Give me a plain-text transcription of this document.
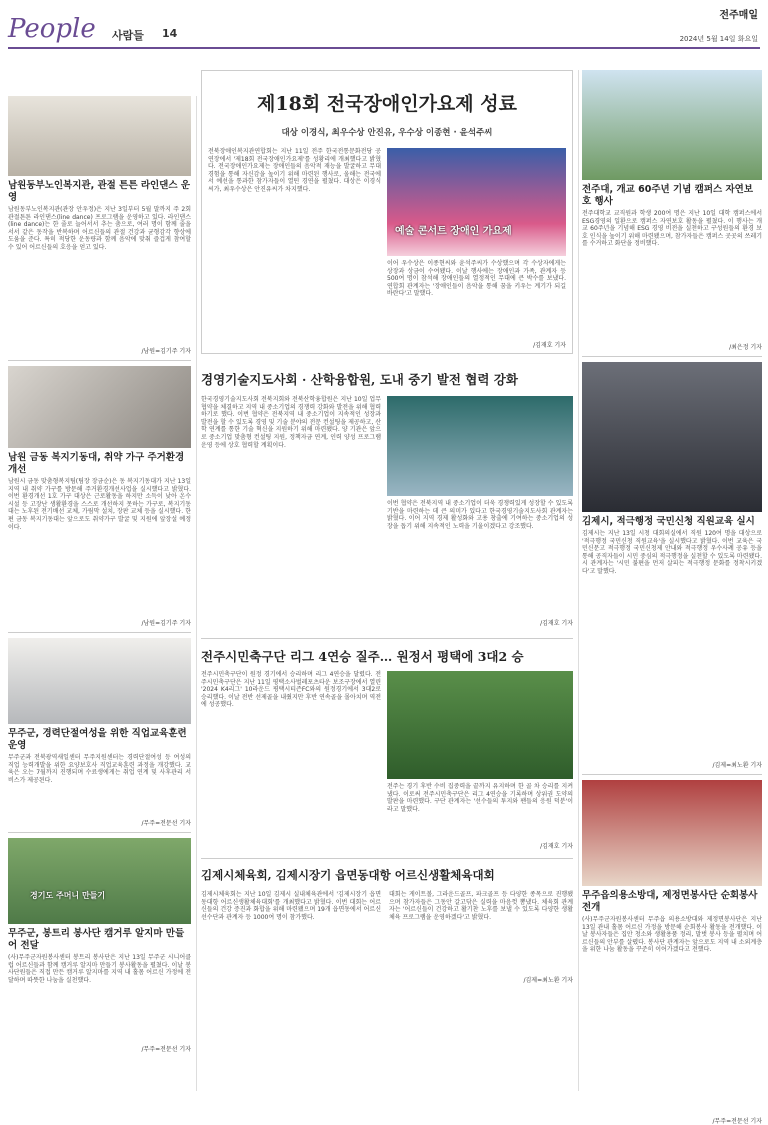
People 사람들 14
전주매일
2024년 5월 14일 화요일
남원동부노인복지관, 관절 튼튼 라인댄스 운영
남원동부노인복지관(관장 안우정)은 지난 3일부터 5월 말까지 주 2회 관절튼튼 라인댄스(line dance) 프로그램을 운영하고 있다. 라인댄스(line dance)는 한 줄로 늘어서서 추는 춤으로, 여러 명이 함께 줄을 서서 같은 동작을 반복하며 어르신들의 관절 건강과 균형감각 향상에 도움을 준다. 특히 적당한 운동량과 함께 음악에 맞춰 즐겁게 참여할 수 있어 어르신들의 호응을 얻고 있다.
/남원=김기주 기자
남원 금동 복지기동대, 취약 가구 주거환경개선
남원시 금동 맞춤형복지팀(팀장 장금순)은 동 복지기동대가 지난 13일 지역 내 취약 가구를 방문해 주거환경개선사업을 실시했다고 밝혔다. 이번 환경개선 1호 가구 대상은 근로활동을 하지만 소득이 낮아 온수시설 등 고장난 생활환경을 스스로 개선하지 못하는 가구로, 복지기동대는 노후된 전기배선 교체, 가림막 설치, 장판 교체 등을 실시했다. 한편 금동 복지기동대는 앞으로도 취약가구 발굴 및 지원에 앞장설 예정이다.
/남원=김기주 기자
무주군, 경력단절여성을 위한 직업교육훈련 운영
무주군과 전북광역새일센터 무주지원센터는 경력단절여성 등 여성의 직업 능력개발을 위한 요양보호사 직업교육훈련 과정을 개강했다. 교육은 오는 7월까지 진행되며 수료생에게는 취업 연계 및 사후관리 서비스가 제공된다.
/무주=전문선 기자
경기도 주머니 만들기
무주군, 봉트리 봉사단 캠거루 알지마 만들어 전달
(사)무주군자원봉사센터 봉트리 봉사단은 지난 13일 무주군 시니어클럽 어르신들과 함께 캠거루 알지마 만들기 봉사활동을 펼쳤다. 이날 봉사단원들은 직접 만든 캠거루 알지마를 지역 내 홀몸 어르신 가정에 전달하며 따뜻한 나눔을 실천했다.
/무주=전문선 기자
제18회 전국장애인가요제 성료
대상 이경식, 최우수상 안진유, 우수상 이종현 · 윤석주씨
전북장애인복지관연합회는 지난 11일 전주 한국전통문화전당 공연장에서 '제18회 전국장애인가요제'를 성황리에 개최했다고 밝혔다. 전국장애인가요제는 장애인들의 음악적 재능을 발굴하고 무대 경험을 통해 자신감을 높이기 위해 마련된 행사로, 올해는 전국에서 예선을 통과한 참가자들이 열띤 경연을 펼쳤다. 대상은 이경식씨가, 최우수상은 안진유씨가 차지했다.
예술 콘서트 장애인 가요제
이어 우수상은 이종현씨와 윤석주씨가 수상했으며 각 수상자에게는 상장과 상금이 수여됐다. 이날 행사에는 장애인과 가족, 관계자 등 500여 명이 참석해 장애인들의 열정적인 무대에 큰 박수를 보냈다. 연합회 관계자는 '장애인들이 음악을 통해 꿈을 키우는 계기가 되길 바란다'고 말했다.
/김재호 기자
경영기술지도사회 · 산학융합원, 도내 중기 발전 협력 강화
한국경영기술지도사회 전북지회와 전북산학융합원은 지난 10일 업무협약을 체결하고 지역 내 중소기업의 경쟁력 강화와 발전을 위해 협력하기로 했다. 이번 협약은 전북지역 내 중소기업이 지속적인 성장과 발전을 할 수 있도록 경영 및 기술 분야의 전문 컨설팅을 제공하고, 산학 연계를 통한 기술 혁신을 지원하기 위해 마련됐다. 양 기관은 앞으로 중소기업 맞춤형 컨설팅 지원, 정책자금 연계, 인력 양성 프로그램 운영 등에 상호 협력할 계획이다.
이번 협약은 전북지역 내 중소기업이 더욱 경쟁력있게 성장할 수 있도록 기반을 마련하는 데 큰 의미가 있다고 한국경영기술지도사회 관계자는 밝혔다. 이어 지역 경제 활성화와 고용 창출에 기여하는 중소기업의 성장을 돕기 위해 지속적인 노력을 기울이겠다고 강조했다.
/김재호 기자
전주시민축구단 리그 4연승 질주… 원정서 평택에 3대2 승
전주시민축구단이 원정 경기에서 승리하며 리그 4연승을 달렸다. 전주시민축구단은 지난 11일 평택소사벌레포츠타운 보조구장에서 열린 '2024 K4리그' 10라운드 평택시티즌FC와의 원정경기에서 3대2로 승리했다. 이날 전반 선제골을 내줬지만 후반 연속골을 몰아치며 역전에 성공했다.
전주는 경기 후반 수비 집중력을 끝까지 유지하며 한 골 차 승리를 지켜냈다. 이로써 전주시민축구단은 리그 4연승을 기록하며 상위권 도약의 발판을 마련했다. 구단 관계자는 '선수들의 투지와 팬들의 응원 덕분'이라고 말했다.
/김재호 기자
김제시체육회, 김제시장기 읍면동대항 어르신생활체육대회
김제시체육회는 지난 10일 김제시 실내체육관에서 '김제시장기 읍면동대항 어르신생활체육대회'를 개최했다고 밝혔다. 이번 대회는 어르신들의 건강 증진과 화합을 위해 마련됐으며 19개 읍면동에서 어르신 선수단과 관계자 등 1000여 명이 참가했다.
대회는 게이트볼, 그라운드골프, 파크골프 등 다양한 종목으로 진행됐으며 참가자들은 그동안 갈고닦은 실력을 마음껏 뽐냈다. 체육회 관계자는 '어르신들이 건강하고 활기찬 노후를 보낼 수 있도록 다양한 생활체육 프로그램을 운영하겠다'고 밝혔다.
/김제=최노환 기자
전주대, 개교 60주년 기념 캠퍼스 자연보호 행사
전주대학교 교직원과 학생 200여 명은 지난 10일 대학 캠퍼스에서 ESG경영의 일환으로 캠퍼스 자연보호 활동을 펼쳤다. 이 행사는 개교 60주년을 기념해 ESG 경영 비전을 실천하고 구성원들의 환경 보호 인식을 높이기 위해 마련됐으며, 참가자들은 캠퍼스 곳곳의 쓰레기를 수거하고 화단을 정비했다.
/최은정 기자
김제시, 적극행정 국민신청 직원교육 실시
김제시는 지난 13일 시청 대회의실에서 직원 120여 명을 대상으로 '적극행정 국민신청 직원교육'을 실시했다고 밝혔다. 이번 교육은 국민신문고 적극행정 국민신청제 안내와 적극행정 우수사례 공유 등을 통해 공직자들이 시민 중심의 적극행정을 실천할 수 있도록 마련됐다. 시 관계자는 '시민 불편을 먼저 살피는 적극행정 문화를 정착시키겠다'고 말했다.
/김제=최노환 기자
무주읍의용소방대, 제정면봉사단 순회봉사 전개
(사)무주군자원봉사센터 무주읍 의용소방대와 제정면봉사단은 지난 13일 관내 홀몸 어르신 가정을 방문해 순회봉사 활동을 전개했다. 이날 봉사자들은 집안 청소와 생활용품 정리, 말벗 봉사 등을 펼치며 어르신들의 안부를 살폈다. 봉사단 관계자는 앞으로도 지역 내 소외계층을 위한 나눔 활동을 꾸준히 이어가겠다고 전했다.
/무주=전문선 기자
